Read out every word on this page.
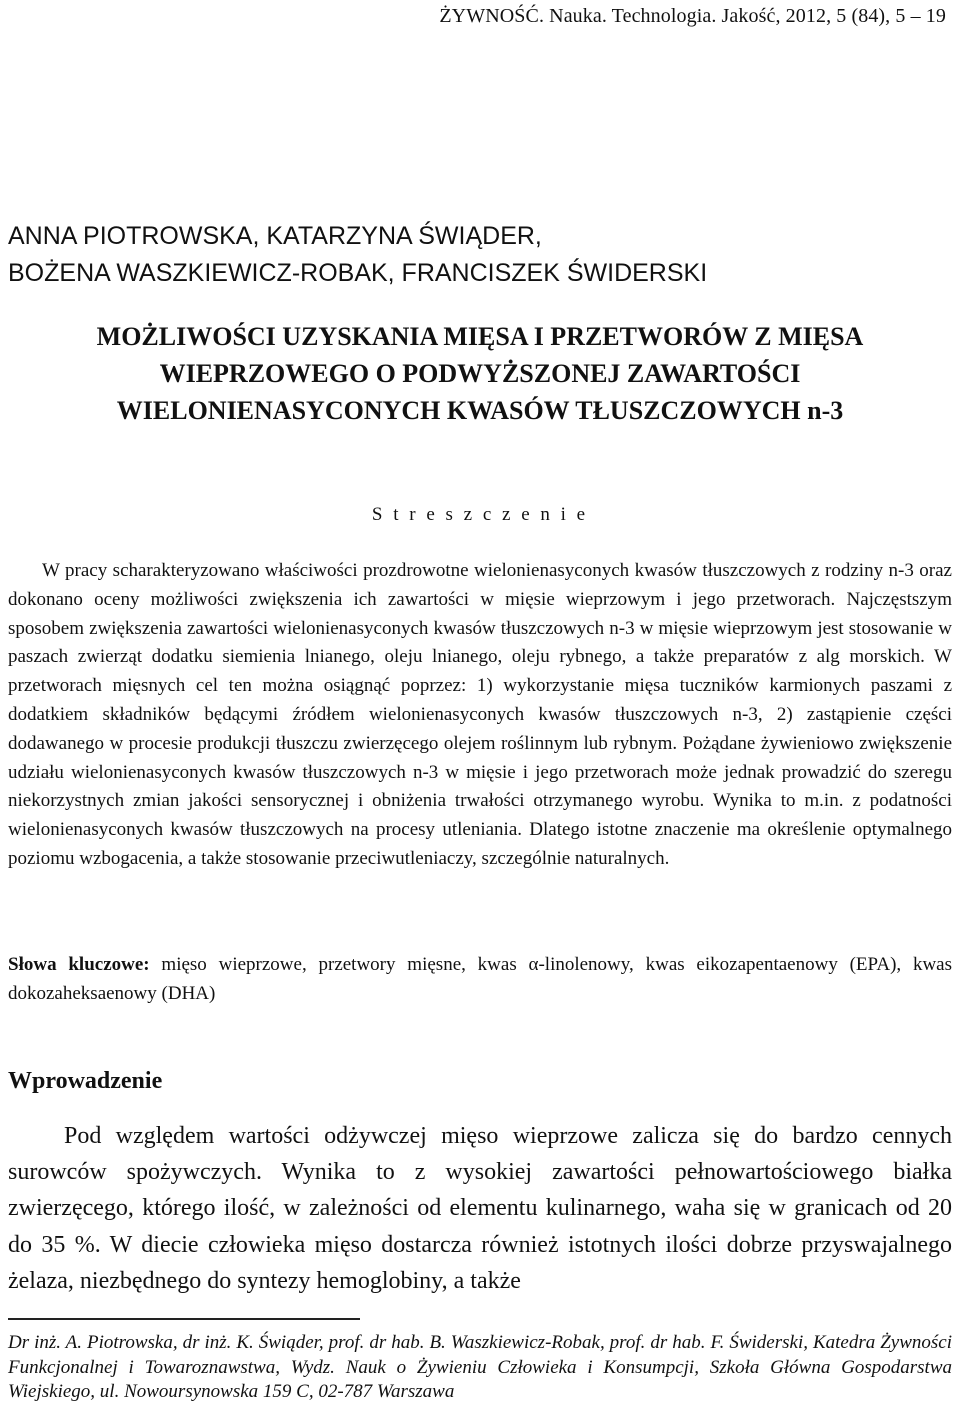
ŻYWNOŚĆ. Nauka. Technologia. Jakość, 2012, 5 (84), 5 – 19
ANNA PIOTROWSKA, KATARZYNA ŚWIĄDER,
BOŻENA WASZKIEWICZ-ROBAK, FRANCISZEK ŚWIDERSKI
MOŻLIWOŚCI UZYSKANIA MIĘSA I PRZETWORÓW Z MIĘSA
WIEPRZOWEGO O PODWYŻSZONEJ ZAWARTOŚCI
WIELONIENASYCONYCH KWASÓW TŁUSZCZOWYCH n-3
S t r e s z c z e n i e

W pracy scharakteryzowano właściwości prozdrowotne wielonienasyconych kwasów tłuszczowych z rodziny n-3 oraz dokonano oceny możliwości zwiększenia ich zawartości w mięsie wieprzowym i jego przetworach. Najczęstszym sposobem zwiększenia zawartości wielonienasyconych kwasów tłuszczowych n-3 w mięsie wieprzowym jest stosowanie w paszach zwierząt dodatku siemienia lnianego, oleju lnianego, oleju rybnego, a także preparatów z alg morskich. W przetworach mięsnych cel ten można osiągnąć poprzez: 1) wykorzystanie mięsa tuczników karmionych paszami z dodatkiem składników będącymi źródłem wielonienasyconych kwasów tłuszczowych n-3, 2) zastąpienie części dodawanego w procesie produkcji tłuszczu zwierzęcego olejem roślinnym lub rybnym. Pożądane żywieniowo zwiększenie udziału wielonienasyconych kwasów tłuszczowych n-3 w mięsie i jego przetworach może jednak prowadzić do szeregu niekorzystnych zmian jakości sensorycznej i obniżenia trwałości otrzymanego wyrobu. Wynika to m.in. z podatności wielonienasyconych kwasów tłuszczowych na procesy utleniania. Dlatego istotne znaczenie ma określenie optymalnego poziomu wzbogacenia, a także stosowanie przeciwutleniaczy, szczególnie naturalnych.

Słowa kluczowe: mięso wieprzowe, przetwory mięsne, kwas α-linolenowy, kwas eikozapentaenowy (EPA), kwas dokozaheksaenowy (DHA)
Wprowadzenie

Pod względem wartości odżywczej mięso wieprzowe zalicza się do bardzo cennych surowców spożywczych. Wynika to z wysokiej zawartości pełnowartościowego białka zwierzęcego, którego ilość, w zależności od elementu kulinarnego, waha się w granicach od 20 do 35 %. W diecie człowieka mięso dostarcza również istotnych ilości dobrze przyswajalnego żelaza, niezbędnego do syntezy hemoglobiny, a także

Dr inż. A. Piotrowska, dr inż. K. Świąder, prof. dr hab. B. Waszkiewicz-Robak, prof. dr hab. F. Świderski, Katedra Żywności Funkcjonalnej i Towaroznawstwa, Wydz. Nauk o Żywieniu Człowieka i Konsumpcji, Szkoła Główna Gospodarstwa Wiejskiego, ul. Nowoursynowska 159 C, 02-787 Warszawa
